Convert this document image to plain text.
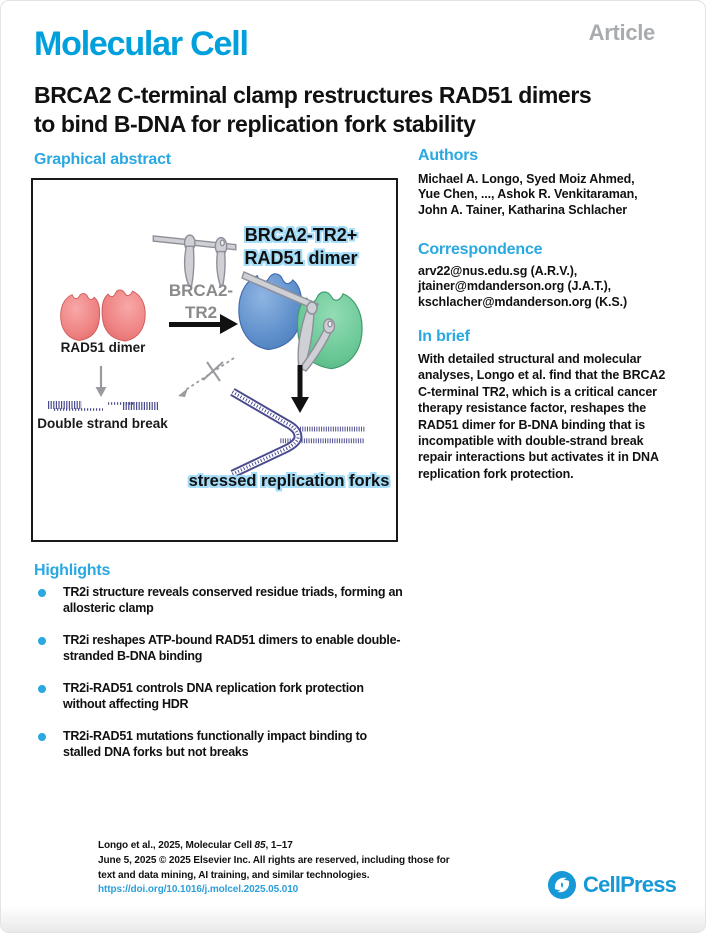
Article
Molecular Cell
BRCA2 C-terminal clamp restructures RAD51 dimers
to bind B-DNA for replication fork stability
Graphical abstract
BRCA2-
TR2
RAD51 dimer
Double strand break
BRCA2-TR2+
RAD51 dimer
stressed replication forks
Authors
Michael A. Longo, Syed Moiz Ahmed,
Yue Chen, ..., Ashok R. Venkitaraman,
John A. Tainer, Katharina Schlacher
Correspondence
arv22@nus.edu.sg (A.R.V.),
jtainer@mdanderson.org (J.A.T.),
kschlacher@mdanderson.org (K.S.)
In brief
With detailed structural and molecular analyses, Longo et al. find that the BRCA2 C-terminal TR2, which is a critical cancer therapy resistance factor, reshapes the RAD51 dimer for B-DNA binding that is incompatible with double-strand break repair interactions but activates it in DNA replication fork protection.
Highlights
TR2i structure reveals conserved residue triads, forming an allosteric clamp
TR2i reshapes ATP-bound RAD51 dimers to enable double-stranded B-DNA binding
TR2i-RAD51 controls DNA replication fork protection without affecting HDR
TR2i-RAD51 mutations functionally impact binding to stalled DNA forks but not breaks
Longo et al., 2025, Molecular Cell 85, 1–17
June 5, 2025 © 2025 Elsevier Inc. All rights are reserved, including those for
text and data mining, AI training, and similar technologies.
https://doi.org/10.1016/j.molcel.2025.05.010	CellPress
